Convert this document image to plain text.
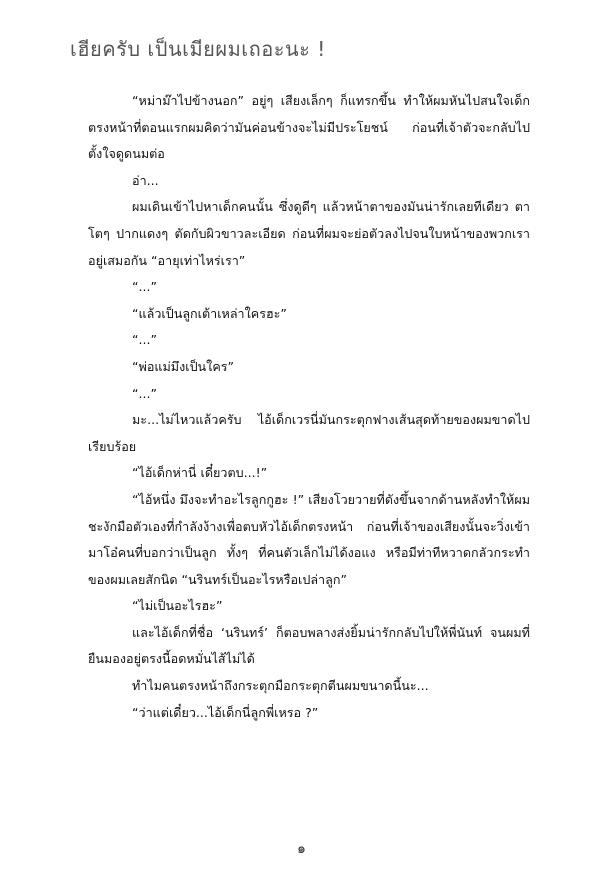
เฮียครับ เป็นเมียผมเถอะนะ !

“หม่าม๊าไปข้างนอก” อยู่ๆ เสียงเล็กๆ ก็แทรกขึ้น ทำให้ผมหันไปสนใจเด็กตรงหน้าที่ตอนแรกผมคิดว่ามันค่อนข้างจะไม่มีประโยชน์ ก่อนที่เจ้าตัวจะกลับไปตั้งใจดูดนมต่อ

อ่า...

ผมเดินเข้าไปหาเด็กคนนั้น ซึ่งดูดีๆ แล้วหน้าตาของมันน่ารักเลยทีเดียว ตาโตๆ ปากแดงๆ ตัดกับผิวขาวละเอียด ก่อนที่ผมจะย่อตัวลงไปจนใบหน้าของพวกเราอยู่เสมอกัน “อายุเท่าไหร่เรา”

“...”

“แล้วเป็นลูกเต้าเหล่าใครฮะ”

“...”

“พ่อแม่มึงเป็นใคร”

“...”

มะ...ไม่ไหวแล้วครับ ไอ้เด็กเวรนี่มันกระตุกฟางเส้นสุดท้ายของผมขาดไปเรียบร้อย

“ไอ้เด็กห่านี่ เดี๋ยวตบ...!”

“ไอ้หนึ่ง มึงจะทำอะไรลูกกูฮะ !” เสียงโวยวายที่ดังขึ้นจากด้านหลังทำให้ผมชะงักมือตัวเองที่กำลังง้างเพื่อตบหัวไอ้เด็กตรงหน้า ก่อนที่เจ้าของเสียงนั้นจะวิ่งเข้ามาโอ๋คนที่บอกว่าเป็นลูก ทั้งๆ ที่คนตัวเล็กไม่ได้งอแง หรือมีท่าทีหวาดกลัวกระทำของผมเลยสักนิด “นรินทร์เป็นอะไรหรือเปล่าลูก”

“ไม่เป็นอะไรฮะ”

และไอ้เด็กที่ชื่อ ‘นรินทร์’ ก็ตอบพลางส่งยิ้มน่ารักกลับไปให้พี่นันท์ จนผมที่ยืนมองอยู่ตรงนี้อดหมั่นไส้ไม่ได้

ทำไมคนตรงหน้าถึงกระตุกมือกระตุกตีนผมขนาดนี้นะ...

“ว่าแต่เดี๋ยว...ไอ้เด็กนี่ลูกพี่เหรอ ?”

๑
